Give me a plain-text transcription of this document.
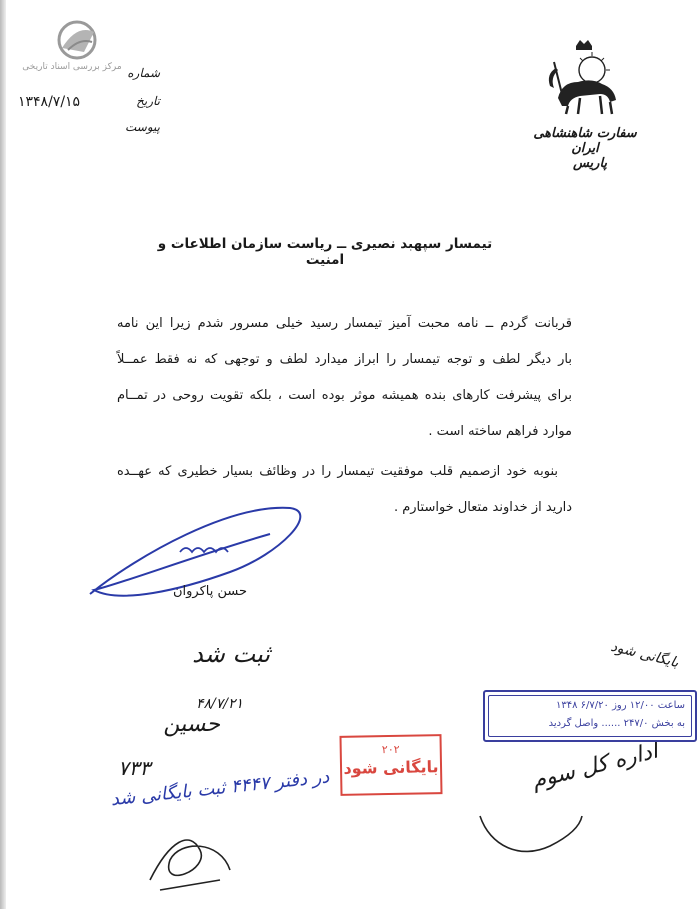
مرکز بررسی اسناد تاریخی شماره
تاریخ
۱۳۴۸/۷/۱۵
پیوست	سفارت شاهنشاهی ایران
پاریس
تیمسار سپهبد نصیری ــ ریاست سازمان اطلاعات و امنیت
قربانت گردم ــ نامه محبت آمیز تیمسار رسید خیلی مسرور شدم زیرا این نامه
بار دیگر لطف و توجه تیمسار را ابراز میدارد لطف و توجهی که نه فقط عمــلاً
برای پیشرفت کارهای بنده همیشه موثر بوده است ، بلکه تقویت روحی در تمــام
موارد فراهم ساخته است .
بنوبه خود ازصمیم قلب موفقیت تیمسار را در وظائف بسیار خطیری که عهــده
دارید از خداوند متعال خواستارم .
حسن پاکروان
ثبت شد
۴۸/۷/۲۱
حسین
۷۳۳
در دفتر ۴۴۴۷ ثبت بایگانی شد	اداره کل سوم
بایگانی شود
۲۰۲
بایگانی شود
ساعت ۱۲/۰۰ روز ۶/۷/۲۰ ۱۳۴۸
به بخش ۲۴۷/۰ ...... واصل گردید
